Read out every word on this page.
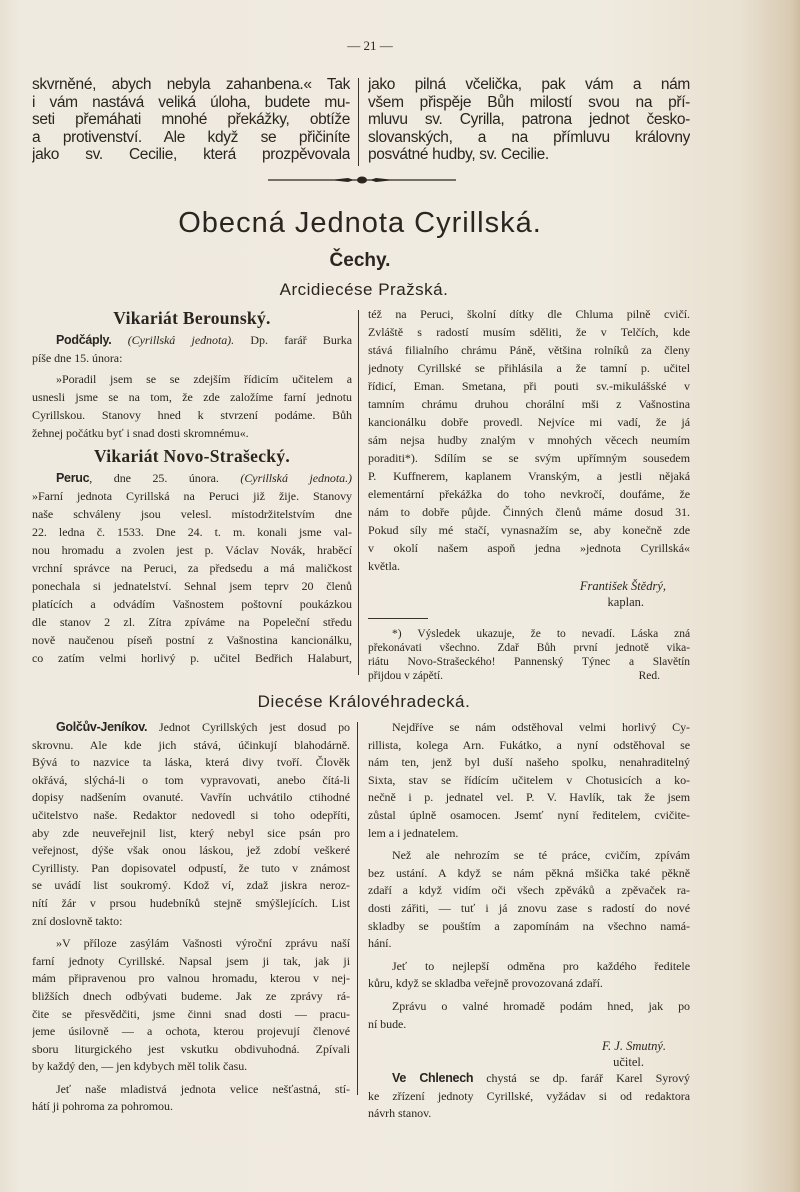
— 21 —
skvrněné, abych nebyla zahanbena.« Tak
i vám nastává veliká úloha, budete mu-
seti přemáhati mnohé překážky, obtíže
a protivenství. Ale když se přičiníte
jako sv. Cecilie, která prozpěvovala
jako pilná včelička, pak vám a nám
všem přispěje Bůh milostí svou na pří-
mluvu sv. Cyrilla, patrona jednot česko-
slovanských, a na přímluvu královny
posvátné hudby, sv. Cecilie.
Obecná Jednota Cyrillská.
Čechy.
Arcidiecése Pražská.
Vikariát Berounský.
Podčáply. (Cyrillská jednota). Dp. farář Burka
píše dne 15. února:
»Poradil jsem se se zdejším řídicím učitelem a
usnesli jsme se na tom, že zde založíme farní jednotu
Cyrillskou. Stanovy hned k stvrzení podáme. Bůh
žehnej počátku byť i snad dosti skromnému«.
Vikariát Novo-Strašecký.
Peruc, dne 25. února. (Cyrillská jednota.)
»Farní jednota Cyrillská na Peruci již žije. Stanovy
naše schváleny jsou velesl. místodržitelstvím dne
22. ledna č. 1533. Dne 24. t. m. konali jsme val-
nou hromadu a zvolen jest p. Václav Novák, hraběcí
vrchní správce na Peruci, za předsedu a má maličkost
ponechala si jednatelství. Sehnal jsem teprv 20 členů
platících a odvádím Vašnostem poštovní poukázkou
dle stanov 2 zl. Zítra zpíváme na Popeleční středu
nově naučenou píseň postní z Vašnostina kancionálku,
co zatím velmi horlivý p. učitel Bedřich Halaburt,
též na Peruci, školní dítky dle Chluma pilně cvičí.
Zvláště s radostí musím sděliti, že v Telčích, kde
stává filialního chrámu Páně, většina rolníků za členy
jednoty Cyrillské se přihlásila a že tamní p. učitel
řídicí, Eman. Smetana, při pouti sv.-mikulášské v
tamním chrámu druhou chorální mši z Vašnostina
kancionálku dobře provedl. Nejvíce mi vadí, že já
sám nejsa hudby znalým v mnohých věcech neumím
poraditi*). Sdílím se se svým upřímným sousedem
P. Kuffnerem, kaplanem Vranským, a jestli nějaká
elementární překážka do toho nevkročí, doufáme, že
nám to dobře půjde. Činných členů máme dosud 31.
Pokud síly mé stačí, vynasnažím se, aby konečně zde
v okolí našem aspoň jedna »jednota Cyrillská«
květla.
František Štědrý,
kaplan.
*) Výsledek ukazuje, že to nevadí. Láska zná
překonávati všechno. Zdař Bůh první jednotě vika-
riátu Novo-Strašeckého! Pannenský Týnec a Slavětín
přijdou v zápětí.	Red.
Diecése Královéhradecká.
Golčův-Jeníkov. Jednot Cyrillských jest dosud po
skrovnu. Ale kde jich stává, účinkují blahodárně.
Bývá to nazvice ta láska, která divy tvoří. Člověk
okřává, slýchá-li o tom vypravovati, anebo čítá-li
dopisy nadšením ovanuté. Vavřín uchvátilo ctihodné
učitelstvo naše. Redaktor nedovedl si toho odepříti,
aby zde neuveřejnil list, který nebyl sice psán pro
veřejnost, dýše však onou láskou, jež zdobí veškeré
Cyrillisty. Pan dopisovatel odpustí, že tuto v známost
se uvádí list soukromý. Kdož ví, zdaž jiskra neroz-
nítí žár v prsou hudebníků stejně smýšlejících. List
zní doslovně takto:
»V příloze zasýlám Vašnosti výroční zprávu naší
farní jednoty Cyrillské. Napsal jsem ji tak, jak ji
mám připravenou pro valnou hromadu, kterou v nej-
bližších dnech odbývati budeme. Jak ze zprávy rá-
čite se přesvědčiti, jsme činni snad dosti — pracu-
jeme úsilovně — a ochota, kterou projevují členové
sboru liturgického jest vskutku obdivuhodná. Zpívali
by každý den, — jen kdybych měl tolik času.
Jeť naše mladistvá jednota velice nešťastná, stí-
hátí ji pohroma za pohromou.
Nejdříve se nám odstěhoval velmi horlivý Cy-
rillista, kolega Arn. Fukátko, a nyní odstěhoval se
nám ten, jenž byl duší našeho spolku, nenahraditelný
Sixta, stav se řídícím učitelem v Chotusicích a ko-
nečně i p. jednatel vel. P. V. Havlík, tak že jsem
zůstal úplně osamocen. Jsemť nyní ředitelem, cvičite-
lem a i jednatelem.
Než ale nehrozím se té práce, cvičím, zpívám
bez ustání. A když se nám pěkná mšička také pěkně
zdaří a když vidím oči všech zpěváků a zpěvaček ra-
dosti zářiti, — tuť i já znovu zase s radostí do nové
skladby se pouštím a zapomínám na všechno namá-
hání.
Jeť to nejlepší odměna pro každého ředitele
kůru, když se skladba veřejně provozovaná zdaří.
Zprávu o valné hromadě podám hned, jak po
ní bude.
F. J. Smutný.
učitel.
Ve Chlenech chystá se dp. farář Karel Syrový
ke zřízení jednoty Cyrillské, vyžádav si od redaktora
návrh stanov.
